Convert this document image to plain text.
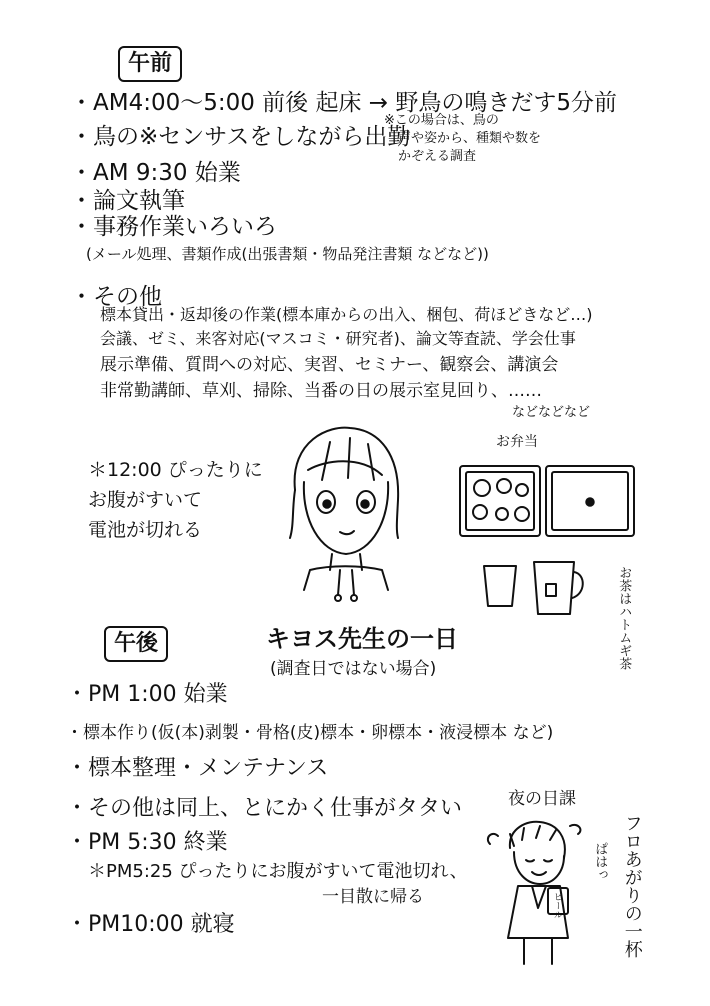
午前
・AM4:00〜5:00 前後 起床 → 野鳥の鳴きだす5分前
・鳥の※センサスをしながら出勤
※この場合は、鳥の
声や姿から、種類や数を
かぞえる調査
・AM 9:30 始業
・論文執筆
・事務作業いろいろ
(メール処理、書類作成(出張書類・物品発注書類 などなど))
・その他
標本貸出・返却後の作業(標本庫からの出入、梱包、荷ほどきなど…)
会議、ゼミ、来客対応(マスコミ・研究者)、論文等査読、学会仕事
展示準備、質問への対応、実習、セミナー、観察会、講演会
非常勤講師、草刈、掃除、当番の日の展示室見回り、……
などなどなど
＊12:00 ぴったりに
お腹がすいて
電池が切れる
お弁当
お茶はハトムギ茶
キヨス先生の一日
(調査日ではない場合)
午後
・PM 1:00 始業
・標本作り(仮(本)剥製・骨格(皮)標本・卵標本・液浸標本 など)
・標本整理・メンテナンス
・その他は同上、とにかく仕事がタタい
・PM 5:30 終業
＊PM5:25 ぴったりにお腹がすいて電池切れ、
一目散に帰る
・PM10:00 就寝
夜の日課
ビール
ぱはっ フロあがりの一杯
